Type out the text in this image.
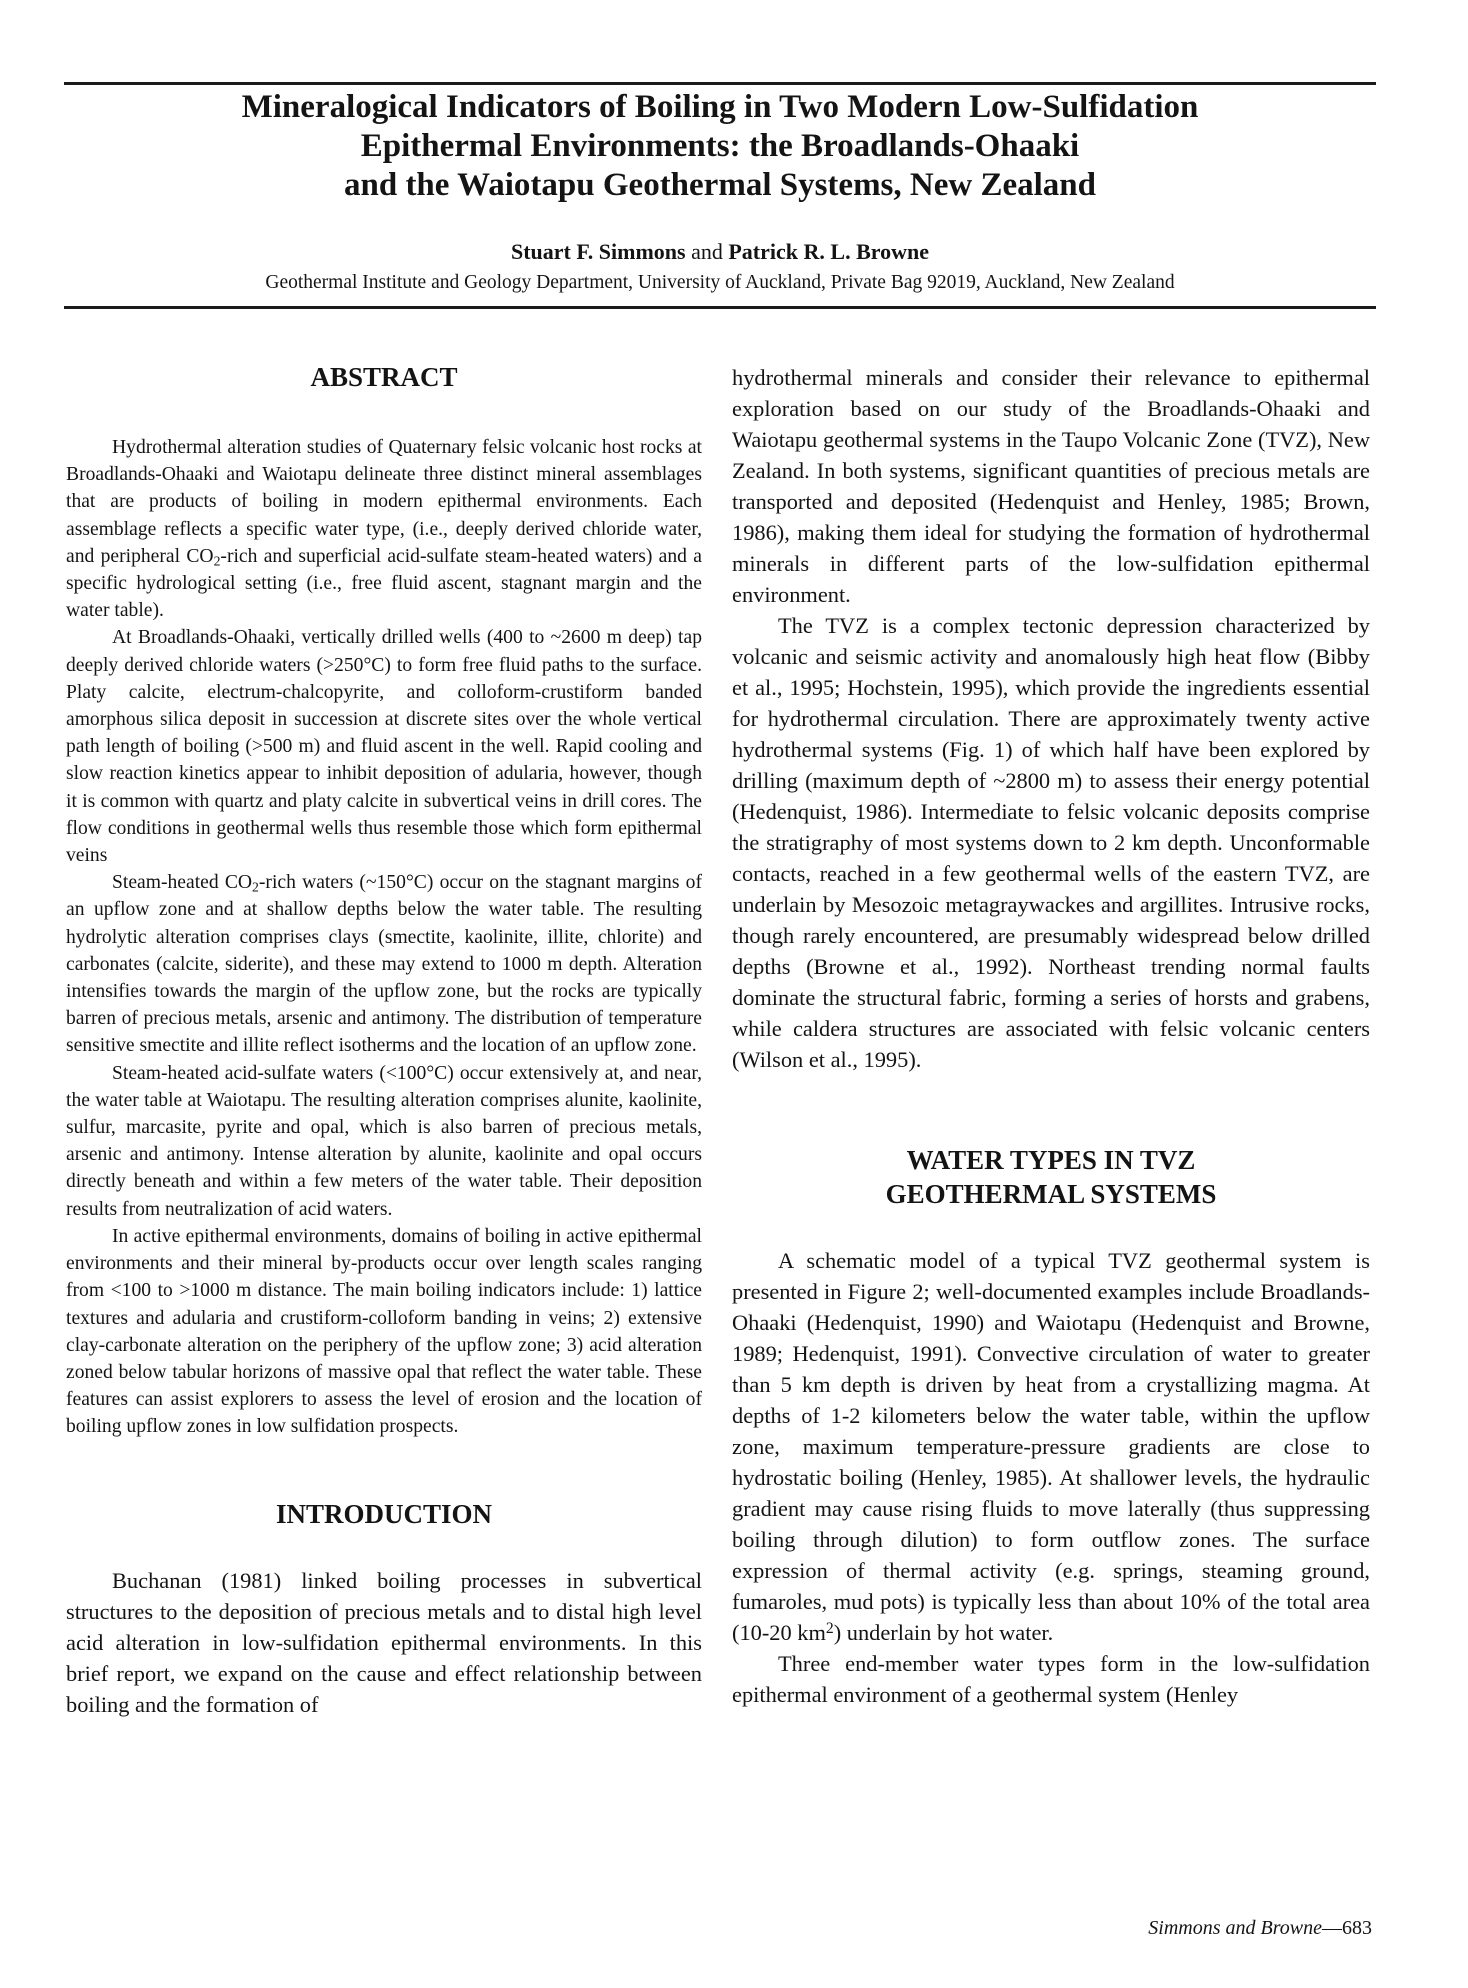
Mineralogical Indicators of Boiling in Two Modern Low-Sulfidation
Epithermal Environments: the Broadlands-Ohaaki
and the Waiotapu Geothermal Systems, New Zealand
Stuart F. Simmons and Patrick R. L. Browne
Geothermal Institute and Geology Department, University of Auckland, Private Bag 92019, Auckland, New Zealand
ABSTRACT

Hydrothermal alteration studies of Quaternary felsic volcanic host rocks at Broadlands-Ohaaki and Waiotapu delineate three distinct mineral assemblages that are products of boiling in modern epithermal environments. Each assemblage reflects a specific water type, (i.e., deeply derived chloride water, and peripheral $CO_2$-rich and superficial acid-sulfate steam-heated waters) and a specific hydrological setting (i.e., free fluid ascent, stagnant margin and the water table).

At Broadlands-Ohaaki, vertically drilled wells (400 to ~2600 m deep) tap deeply derived chloride waters (>250°C) to form free fluid paths to the surface. Platy calcite, electrum-chalcopyrite, and colloform-crustiform banded amorphous silica deposit in succession at discrete sites over the whole vertical path length of boiling (>500 m) and fluid ascent in the well. Rapid cooling and slow reaction kinetics appear to inhibit deposition of adularia, however, though it is common with quartz and platy calcite in subvertical veins in drill cores. The flow conditions in geothermal wells thus resemble those which form epithermal veins

Steam-heated $CO_2$-rich waters (~150°C) occur on the stagnant margins of an upflow zone and at shallow depths below the water table. The resulting hydrolytic alteration comprises clays (smectite, kaolinite, illite, chlorite) and carbonates (calcite, siderite), and these may extend to 1000 m depth. Alteration intensifies towards the margin of the upflow zone, but the rocks are typically barren of precious metals, arsenic and antimony. The distribution of temperature sensitive smectite and illite reflect isotherms and the location of an upflow zone.

Steam-heated acid-sulfate waters (<100°C) occur extensively at, and near, the water table at Waiotapu. The resulting alteration comprises alunite, kaolinite, sulfur, marcasite, pyrite and opal, which is also barren of precious metals, arsenic and antimony. Intense alteration by alunite, kaolinite and opal occurs directly beneath and within a few meters of the water table. Their deposition results from neutralization of acid waters.

In active epithermal environments, domains of boiling in active epithermal environments and their mineral by-products occur over length scales ranging from <100 to >1000 m distance. The main boiling indicators include: 1) lattice textures and adularia and crustiform-colloform banding in veins; 2) extensive clay-carbonate alteration on the periphery of the upflow zone; 3) acid alteration zoned below tabular horizons of massive opal that reflect the water table. These features can assist explorers to assess the level of erosion and the location of boiling upflow zones in low sulfidation prospects.

INTRODUCTION

Buchanan (1981) linked boiling processes in subvertical structures to the deposition of precious metals and to distal high level acid alteration in low-sulfidation epithermal environments. In this brief report, we expand on the cause and effect relationship between boiling and the formation of

hydrothermal minerals and consider their relevance to epithermal exploration based on our study of the Broadlands-Ohaaki and Waiotapu geothermal systems in the Taupo Volcanic Zone (TVZ), New Zealand. In both systems, significant quantities of precious metals are transported and deposited (Hedenquist and Henley, 1985; Brown, 1986), making them ideal for studying the formation of hydrothermal minerals in different parts of the low-sulfidation epithermal environment.

The TVZ is a complex tectonic depression characterized by volcanic and seismic activity and anomalously high heat flow (Bibby et al., 1995; Hochstein, 1995), which provide the ingredients essential for hydrothermal circulation. There are approximately twenty active hydrothermal systems (Fig. 1) of which half have been explored by drilling (maximum depth of ~2800 m) to assess their energy potential (Hedenquist, 1986). Intermediate to felsic volcanic deposits comprise the stratigraphy of most systems down to 2 km depth. Unconformable contacts, reached in a few geothermal wells of the eastern TVZ, are underlain by Mesozoic metagraywackes and argillites. Intrusive rocks, though rarely encountered, are presumably widespread below drilled depths (Browne et al., 1992). Northeast trending normal faults dominate the structural fabric, forming a series of horsts and grabens, while caldera structures are associated with felsic volcanic centers (Wilson et al., 1995).

WATER TYPES IN TVZ
GEOTHERMAL SYSTEMS

A schematic model of a typical TVZ geothermal system is presented in Figure 2; well-documented examples include Broadlands-Ohaaki (Hedenquist, 1990) and Waiotapu (Hedenquist and Browne, 1989; Hedenquist, 1991). Convective circulation of water to greater than 5 km depth is driven by heat from a crystallizing magma. At depths of 1-2 kilometers below the water table, within the upflow zone, maximum temperature-pressure gradients are close to hydrostatic boiling (Henley, 1985). At shallower levels, the hydraulic gradient may cause rising fluids to move laterally (thus suppressing boiling through dilution) to form outflow zones. The surface expression of thermal activity (e.g. springs, steaming ground, fumaroles, mud pots) is typically less than about 10% of the total area (10-20 $km^2$) underlain by hot water.

Three end-member water types form in the low-sulfidation epithermal environment of a geothermal system (Henley

Simmons and Browne—683
